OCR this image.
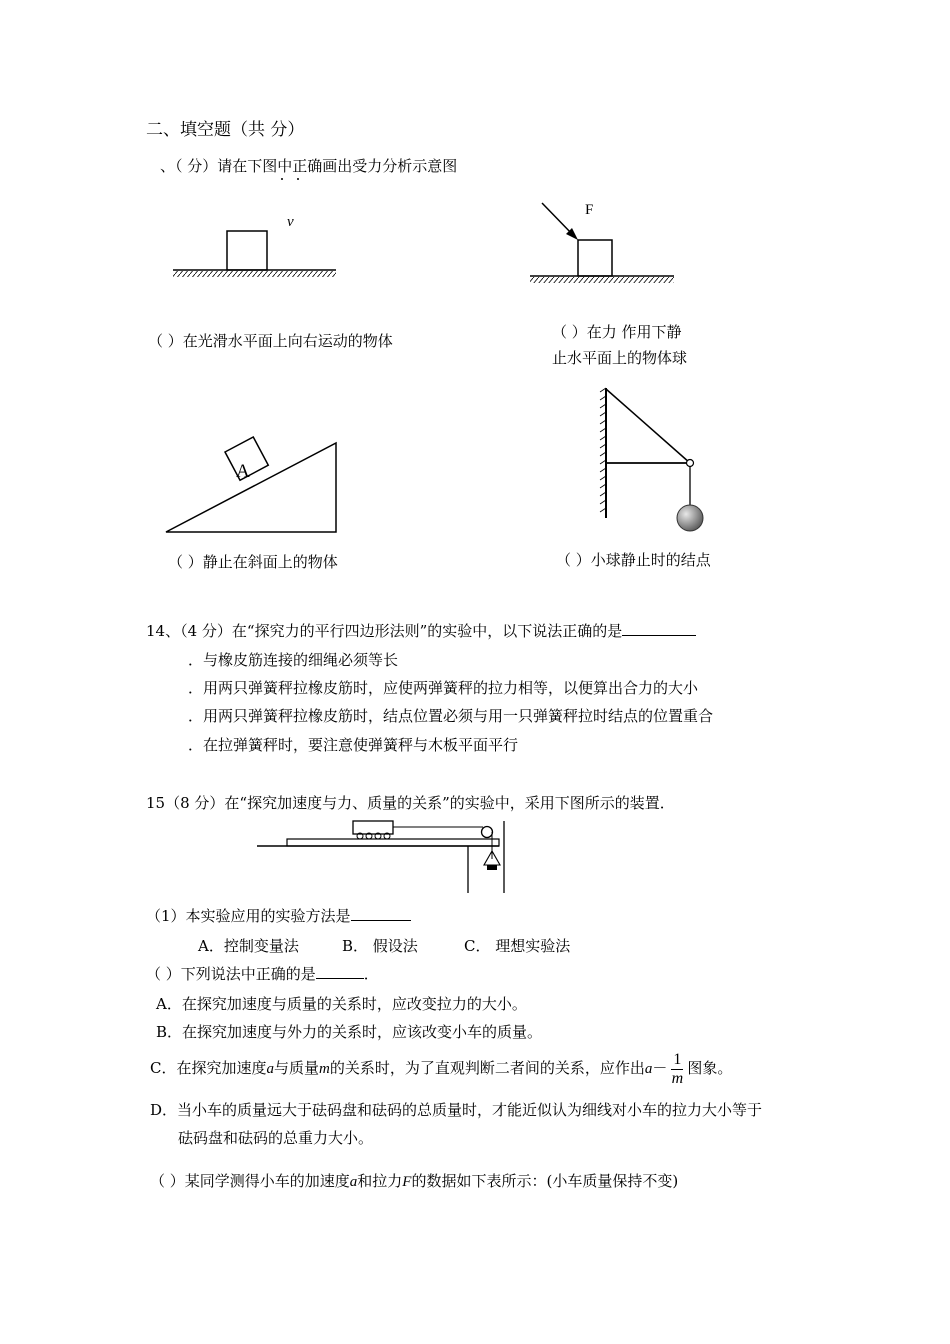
二、填空题（共 分）
、（ 分）请在下图中正确画出受力分析示意图
v
（ ）在光滑水平面上向右运动的物体
F
（ ）在力 作用下静
止水平面上的物体球
A
（ ）静止在斜面上的物体	（ ）小球静止时的结点
14、（4 分）在“探究力的平行四边形法则”的实验中，以下说法正确的是
．与橡皮筋连接的细绳必须等长
．用两只弹簧秤拉橡皮筋时，应使两弹簧秤的拉力相等，以便算出合力的大小
．用两只弹簧秤拉橡皮筋时，结点位置必须与用一只弹簧秤拉时结点的位置重合
．在拉弹簧秤时，要注意使弹簧秤与木板平面平行
15（8 分）在“探究加速度与力、质量的关系”的实验中，采用下图所示的装置．
（1）本实验应用的实验方法是
A．控制变量法	B． 假设法	C． 理想实验法
（ ）下列说法中正确的是	．
A．在探究加速度与质量的关系时，应改变拉力的大小。
B．在探究加速度与外力的关系时，应该改变小车的质量。
C．在探究加速度a与质量m的关系时，为了直观判断二者间的关系，应作出$a- \frac{1}{m}$ 图象。
D．当小车的质量远大于砝码盘和砝码的总质量时，才能近似认为细线对小车的拉力大小等于
砝码盘和砝码的总重力大小。
（ ）某同学测得小车的加速度a和拉力F的数据如下表所示：(小车质量保持不变)
